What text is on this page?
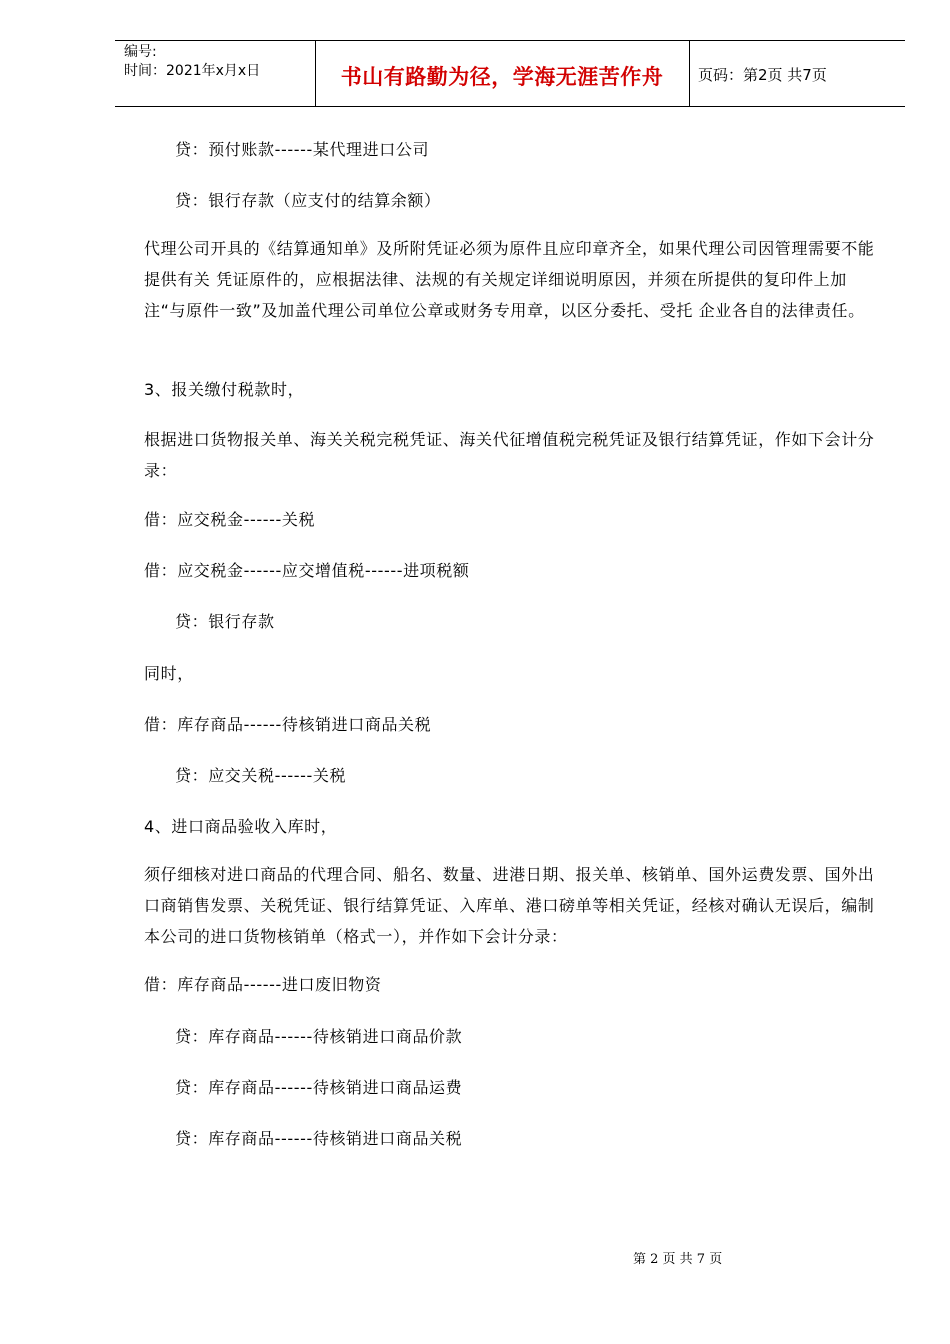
编号:
时间：2021年x月x日	书山有路勤为径，学海无涯苦作舟	页码：第2页 共7页
贷：预付账款------某代理进口公司
贷：银行存款（应支付的结算余额）
代理公司开具的《结算通知单》及所附凭证必须为原件且应印章齐全，如果代理公司因管理需要不能提供有关 凭证原件的，应根据法律、法规的有关规定详细说明原因，并须在所提供的复印件上加注“与原件一致”及加盖代理公司单位公章或财务专用章，以区分委托、受托 企业各自的法律责任。
3、报关缴付税款时，
根据进口货物报关单、海关关税完税凭证、海关代征增值税完税凭证及银行结算凭证，作如下会计分录：
借：应交税金------关税
借：应交税金------应交增值税------进项税额
贷：银行存款
同时，
借：库存商品------待核销进口商品关税
贷：应交关税------关税
4、进口商品验收入库时，
须仔细核对进口商品的代理合同、船名、数量、进港日期、报关单、核销单、国外运费发票、国外出口商销售发票、关税凭证、银行结算凭证、入库单、港口磅单等相关凭证，经核对确认无误后，编制本公司的进口货物核销单（格式一），并作如下会计分录：
借：库存商品------进口废旧物资
贷：库存商品------待核销进口商品价款
贷：库存商品------待核销进口商品运费
贷：库存商品------待核销进口商品关税
第 2 页 共 7 页
